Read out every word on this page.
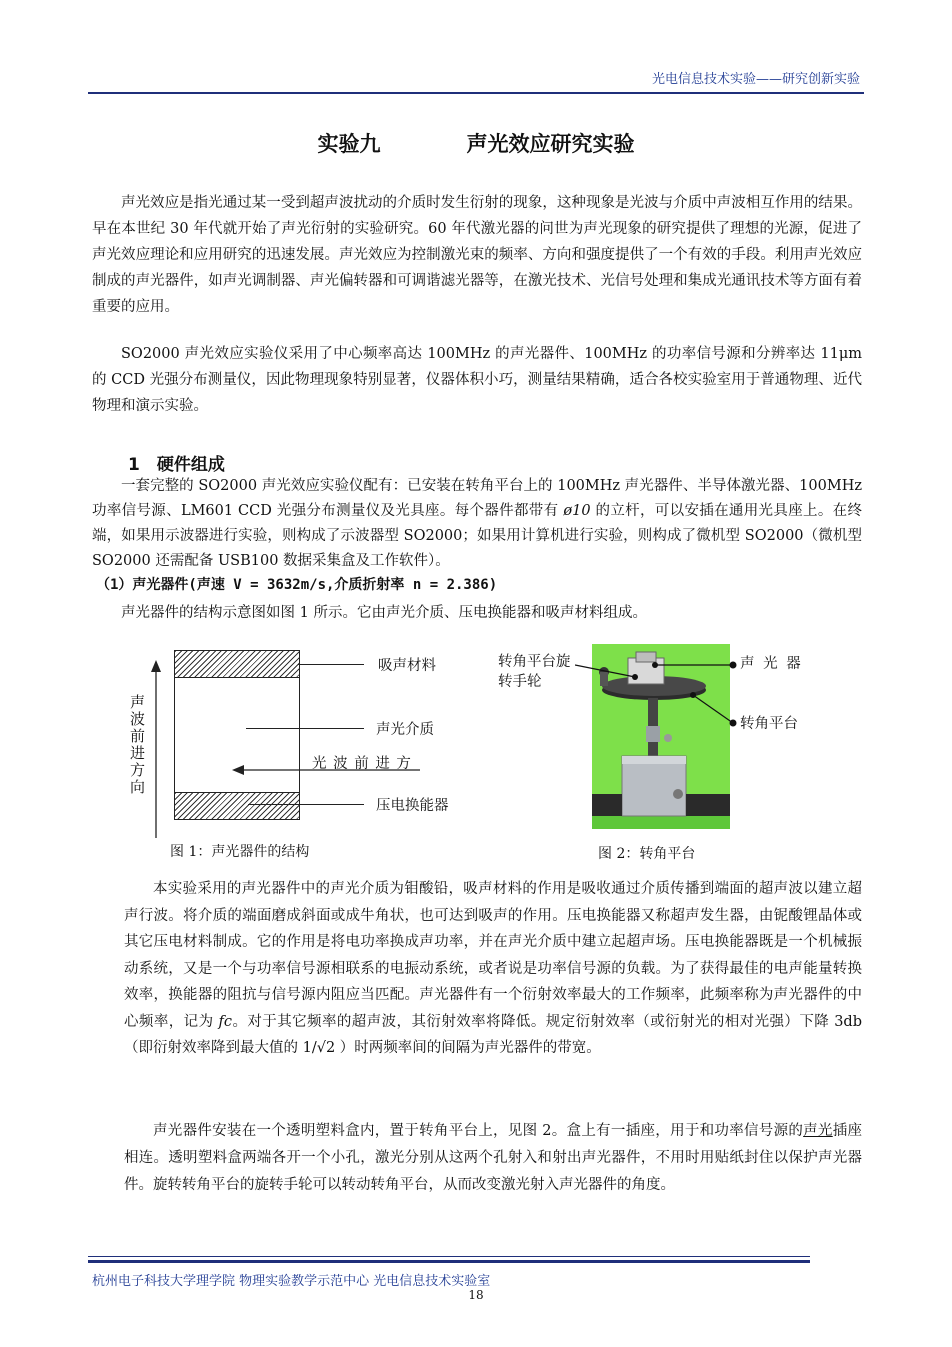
光电信息技术实验——研究创新实验
实验九	声光效应研究实验

声光效应是指光通过某一受到超声波扰动的介质时发生衍射的现象，这种现象是光波与介质中声波相互作用的结果。早在本世纪 30 年代就开始了声光衍射的实验研究。60 年代激光器的问世为声光现象的研究提供了理想的光源，促进了声光效应理论和应用研究的迅速发展。声光效应为控制激光束的频率、方向和强度提供了一个有效的手段。利用声光效应制成的声光器件，如声光调制器、声光偏转器和可调谐滤光器等，在激光技术、光信号处理和集成光通讯技术等方面有着重要的应用。

SO2000 声光效应实验仪采用了中心频率高达 100MHz 的声光器件、100MHz 的功率信号源和分辨率达 11μm 的 CCD 光强分布测量仪，因此物理现象特别显著，仪器体积小巧，测量结果精确，适合各校实验室用于普通物理、近代物理和演示实验。

1　硬件组成

一套完整的 SO2000 声光效应实验仪配有：已安装在转角平台上的 100MHz 声光器件、半导体激光器、100MHz 功率信号源、LM601 CCD 光强分布测量仪及光具座。每个器件都带有 ø10 的立杆，可以安插在通用光具座上。在终端，如果用示波器进行实验，则构成了示波器型 SO2000；如果用计算机进行实验，则构成了微机型 SO2000（微机型 SO2000 还需配备 USB100 数据采集盒及工作软件）。

（1）声光器件(声速 V = 3632m/s,介质折射率 n = 2.386)

声光器件的结构示意图如图 1 所示。它由声光介质、压电换能器和吸声材料组成。

声波前进方向
吸声材料
声光介质
光 波 前 进 方
压电换能器
图 1：声光器件的结构
转角平台旋转手轮
声 光 器
转角平台
图 2：转角平台

本实验采用的声光器件中的声光介质为钼酸铅，吸声材料的作用是吸收通过介质传播到端面的超声波以建立超声行波。将介质的端面磨成斜面或成牛角状，也可达到吸声的作用。压电换能器又称超声发生器，由铌酸锂晶体或其它压电材料制成。它的作用是将电功率换成声功率，并在声光介质中建立起超声场。压电换能器既是一个机械振动系统，又是一个与功率信号源相联系的电振动系统，或者说是功率信号源的负载。为了获得最佳的电声能量转换效率，换能器的阻抗与信号源内阻应当匹配。声光器件有一个衍射效率最大的工作频率，此频率称为声光器件的中心频率，记为 fc。对于其它频率的超声波，其衍射效率将降低。规定衍射效率（或衍射光的相对光强）下降 3db（即衍射效率降到最大值的 1/√2 ）时两频率间的间隔为声光器件的带宽。

声光器件安装在一个透明塑料盒内，置于转角平台上，见图 2。盒上有一插座，用于和功率信号源的声光插座相连。透明塑料盒两端各开一个小孔，激光分别从这两个孔射入和射出声光器件，不用时用贴纸封住以保护声光器件。旋转转角平台的旋转手轮可以转动转角平台，从而改变激光射入声光器件的角度。

杭州电子科技大学理学院 物理实验教学示范中心 光电信息技术实验室
18
